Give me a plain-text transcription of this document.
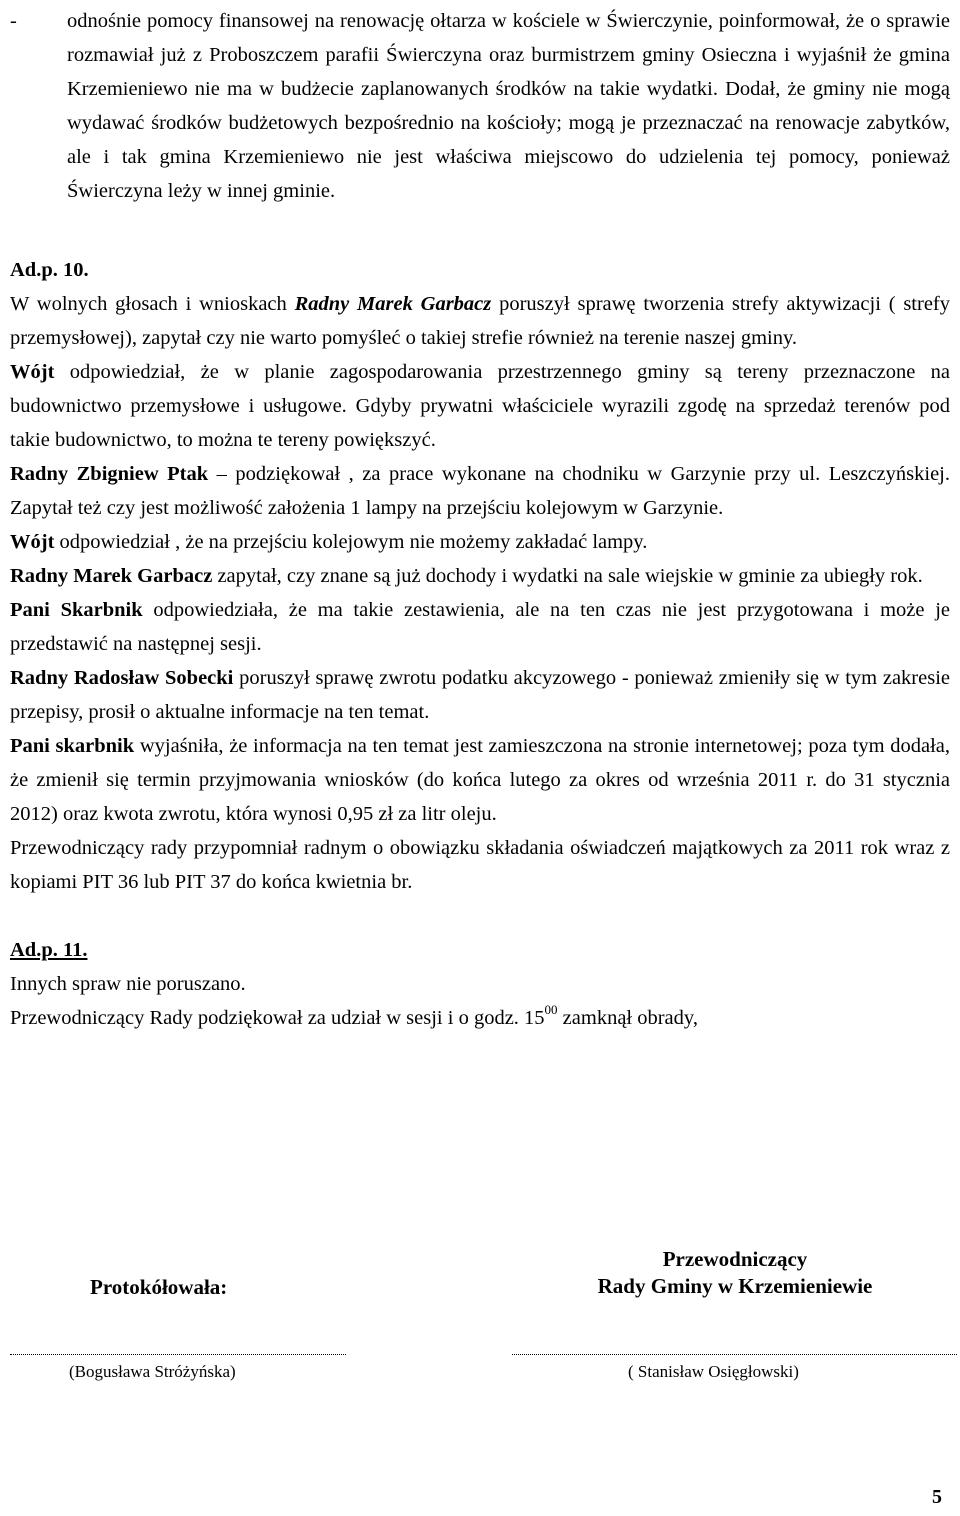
- odnośnie pomocy finansowej na renowację ołtarza w kościele w Świerczynie, poinformował, że o sprawie rozmawiał już z Proboszczem parafii Świerczyna oraz burmistrzem gminy Osieczna i wyjaśnił że gmina Krzemieniewo nie ma w budżecie zaplanowanych środków na takie wydatki. Dodał, że gminy nie mogą wydawać środków budżetowych bezpośrednio na kościoły; mogą je przeznaczać na renowacje zabytków, ale i tak gmina Krzemieniewo nie jest właściwa miejscowo do udzielenia tej pomocy, ponieważ Świerczyna leży w innej gminie.
Ad.p. 10.

W wolnych głosach i wnioskach Radny Marek Garbacz poruszył sprawę tworzenia strefy aktywizacji ( strefy przemysłowej), zapytał czy nie warto pomyśleć o takiej strefie również na terenie naszej gminy.

Wójt odpowiedział, że w planie zagospodarowania przestrzennego gminy są tereny przeznaczone na budownictwo przemysłowe i usługowe. Gdyby prywatni właściciele wyrazili zgodę na sprzedaż terenów pod takie budownictwo, to można te tereny powiększyć.

Radny Zbigniew Ptak – podziękował , za prace wykonane na chodniku w Garzynie przy ul. Leszczyńskiej. Zapytał też czy jest możliwość założenia 1 lampy na przejściu kolejowym w Garzynie.

Wójt odpowiedział , że na przejściu kolejowym nie możemy zakładać lampy.

Radny Marek Garbacz zapytał, czy znane są już dochody i wydatki na sale wiejskie w gminie za ubiegły rok.

Pani Skarbnik odpowiedziała, że ma takie zestawienia, ale na ten czas nie jest przygotowana i może je przedstawić na następnej sesji.

Radny Radosław Sobecki poruszył sprawę zwrotu podatku akcyzowego - ponieważ zmieniły się w tym zakresie przepisy, prosił o aktualne informacje na ten temat.

Pani skarbnik wyjaśniła, że informacja na ten temat jest zamieszczona na stronie internetowej; poza tym dodała, że zmienił się termin przyjmowania wniosków (do końca lutego za okres od września 2011 r. do 31 stycznia 2012) oraz kwota zwrotu, która wynosi 0,95 zł za litr oleju.

Przewodniczący rady przypomniał radnym o obowiązku składania oświadczeń majątkowych za 2011 rok wraz z kopiami PIT 36 lub PIT 37 do końca kwietnia br.

Ad.p. 11.

Innych spraw nie poruszano.

Przewodniczący Rady podziękował za udział w sesji i o godz. $15^{00}$ zamknął obrady,

Protokółowała:
Przewodniczący
Rady Gminy w Krzemieniewie
(Bogusława Stróżyńska)	( Stanisław Osięgłowski)
5
